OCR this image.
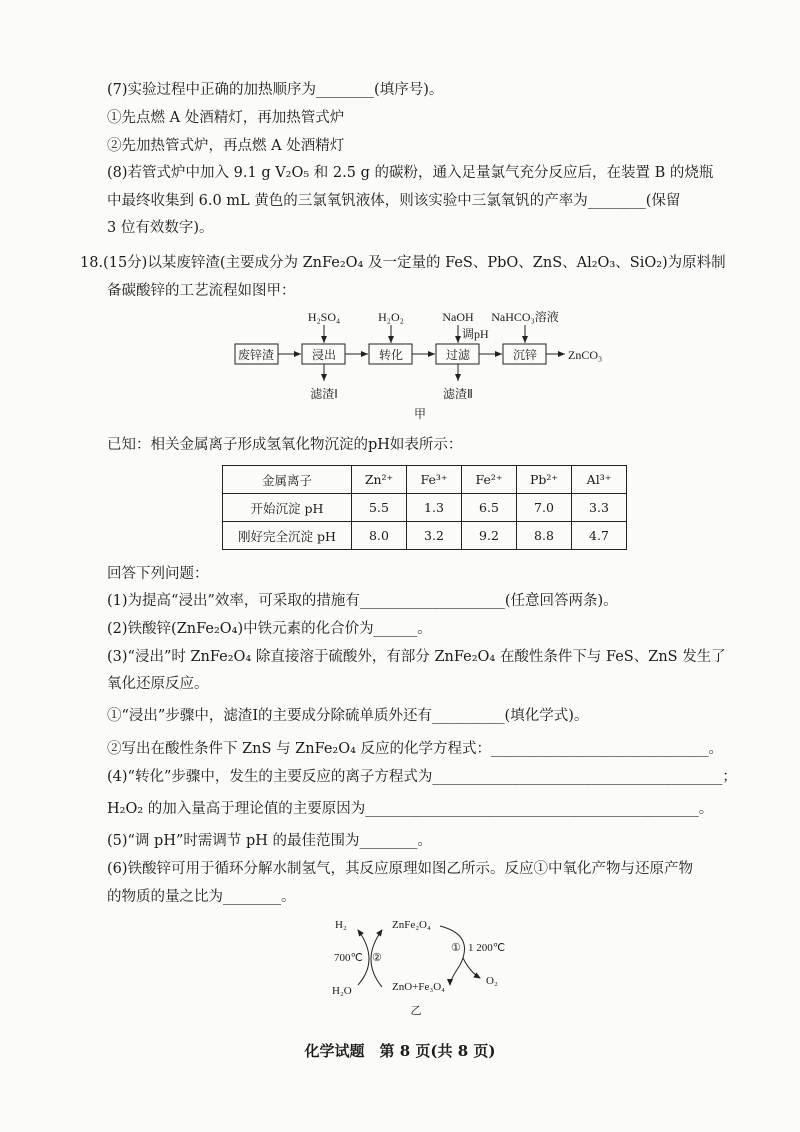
(7)实验过程中正确的加热顺序为________(填序号)。
①先点燃 A 处酒精灯，再加热管式炉
②先加热管式炉，再点燃 A 处酒精灯
(8)若管式炉中加入 9.1 g V₂O₅ 和 2.5 g 的碳粉，通入足量氯气充分反应后，在装置 B 的烧瓶
中最终收集到 6.0 mL 黄色的三氯氧钒液体，则该实验中三氯氧钒的产率为________(保留
3 位有效数字)。
18.(15分)以某废锌渣(主要成分为 ZnFe₂O₄ 及一定量的 FeS、PbO、ZnS、Al₂O₃、SiO₂)为原料制
备碳酸锌的工艺流程如图甲：
废锌渣	浸出	转化	过滤	沉锌	ZnCO₃
H₂SO₄	H₂O₂	NaOH
调pH
NaHCO₃溶液
滤渣Ⅰ	滤渣Ⅱ
甲
已知：相关金属离子形成氢氧化物沉淀的pH如表所示：
金属离子	Zn²⁺	Fe³⁺	Fe²⁺	Pb²⁺	Al³⁺
开始沉淀 pH	5.5	1.3	6.5	7.0	3.3
刚好完全沉淀 pH	8.0	3.2	9.2	8.8	4.7
回答下列问题：
(1)为提高“浸出”效率，可采取的措施有____________________(任意回答两条)。
(2)铁酸锌(ZnFe₂O₄)中铁元素的化合价为______。
(3)“浸出”时 ZnFe₂O₄ 除直接溶于硫酸外，有部分 ZnFe₂O₄ 在酸性条件下与 FeS、ZnS 发生了
氧化还原反应。
①“浸出”步骤中，滤渣Ⅰ的主要成分除硫单质外还有__________(填化学式)。
②写出在酸性条件下 ZnS 与 ZnFe₂O₄ 反应的化学方程式：______________________________。
(4)“转化”步骤中，发生的主要反应的离子方程式为________________________________________；
H₂O₂ 的加入量高于理论值的主要原因为______________________________________________。
(5)“调 pH”时需调节 pH 的最佳范围为________。
(6)铁酸锌可用于循环分解水制氢气，其反应原理如图乙所示。反应①中氧化产物与还原产物
的物质的量之比为________。
H₂	ZnFe₂O₄
700℃ ②
① 1 200℃
H₂O	ZnO+Fe₃O₄	O₂
乙
化学试题　第 8 页(共 8 页)
